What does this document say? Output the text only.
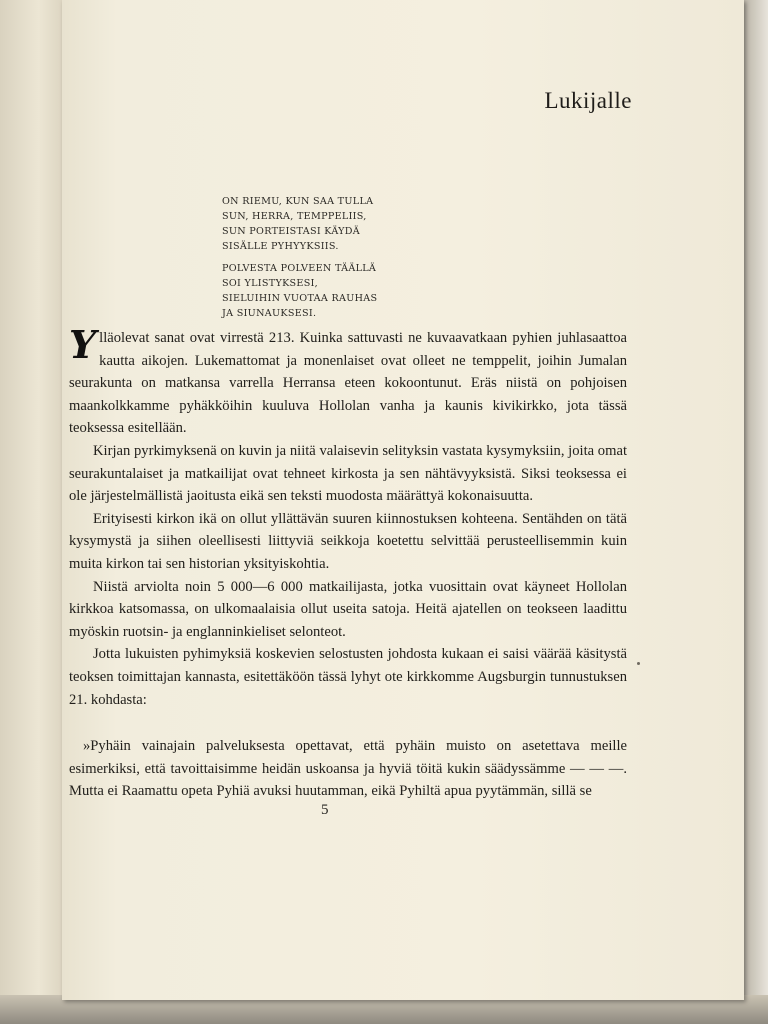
Lukijalle
ON RIEMU, KUN SAA TULLA
SUN, HERRA, TEMPPELIIS,
SUN PORTEISTASI KÄYDÄ
SISÄLLE PYHYYKSIIS.
POLVESTA POLVEEN TÄÄLLÄ
SOI YLISTYKSESI,
SIELUIHIN VUOTAA RAUHAS
JA SIUNAUKSESI.

Ylläolevat sanat ovat virrestä 213. Kuinka sattuvasti ne kuvaavatkaan pyhien juhlasaattoa kautta aikojen. Lukemattomat ja monenlaiset ovat olleet ne temppelit, joihin Jumalan seurakunta on matkansa varrella Herransa eteen kokoontunut. Eräs niistä on pohjoisen maankolkkamme pyhäkköihin kuuluva Hollolan vanha ja kaunis kivikirkko, jota tässä teoksessa esitellään.

Kirjan pyrkimyksenä on kuvin ja niitä valaisevin selityksin vastata kysymyksiin, joita omat seurakuntalaiset ja matkailijat ovat tehneet kirkosta ja sen nähtävyyksistä. Siksi teoksessa ei ole järjestelmällistä jaoitusta eikä sen teksti muodosta määrättyä kokonaisuutta.

Erityisesti kirkon ikä on ollut yllättävän suuren kiinnostuksen kohteena. Sentähden on tätä kysymystä ja siihen oleellisesti liittyviä seikkoja koetettu selvittää perusteellisemmin kuin muita kirkon tai sen historian yksityiskohtia.

Niistä arviolta noin 5 000—6 000 matkailijasta, jotka vuosittain ovat käyneet Hollolan kirkkoa katsomassa, on ulkomaalaisia ollut useita satoja. Heitä ajatellen on teokseen laadittu myöskin ruotsin- ja englanninkieliset selonteot.

Jotta lukuisten pyhimyksiä koskevien selostusten johdosta kukaan ei saisi väärää käsitystä teoksen toimittajan kannasta, esitettäköön tässä lyhyt ote kirkkomme Augsburgin tunnustuksen 21. kohdasta:

»Pyhäin vainajain palveluksesta opettavat, että pyhäin muisto on asetettava meille esimerkiksi, että tavoittaisimme heidän uskoansa ja hyviä töitä kukin säädyssämme — — —. Mutta ei Raamattu opeta Pyhiä avuksi huutamman, eikä Pyhiltä apua pyytämmän, sillä se

5
